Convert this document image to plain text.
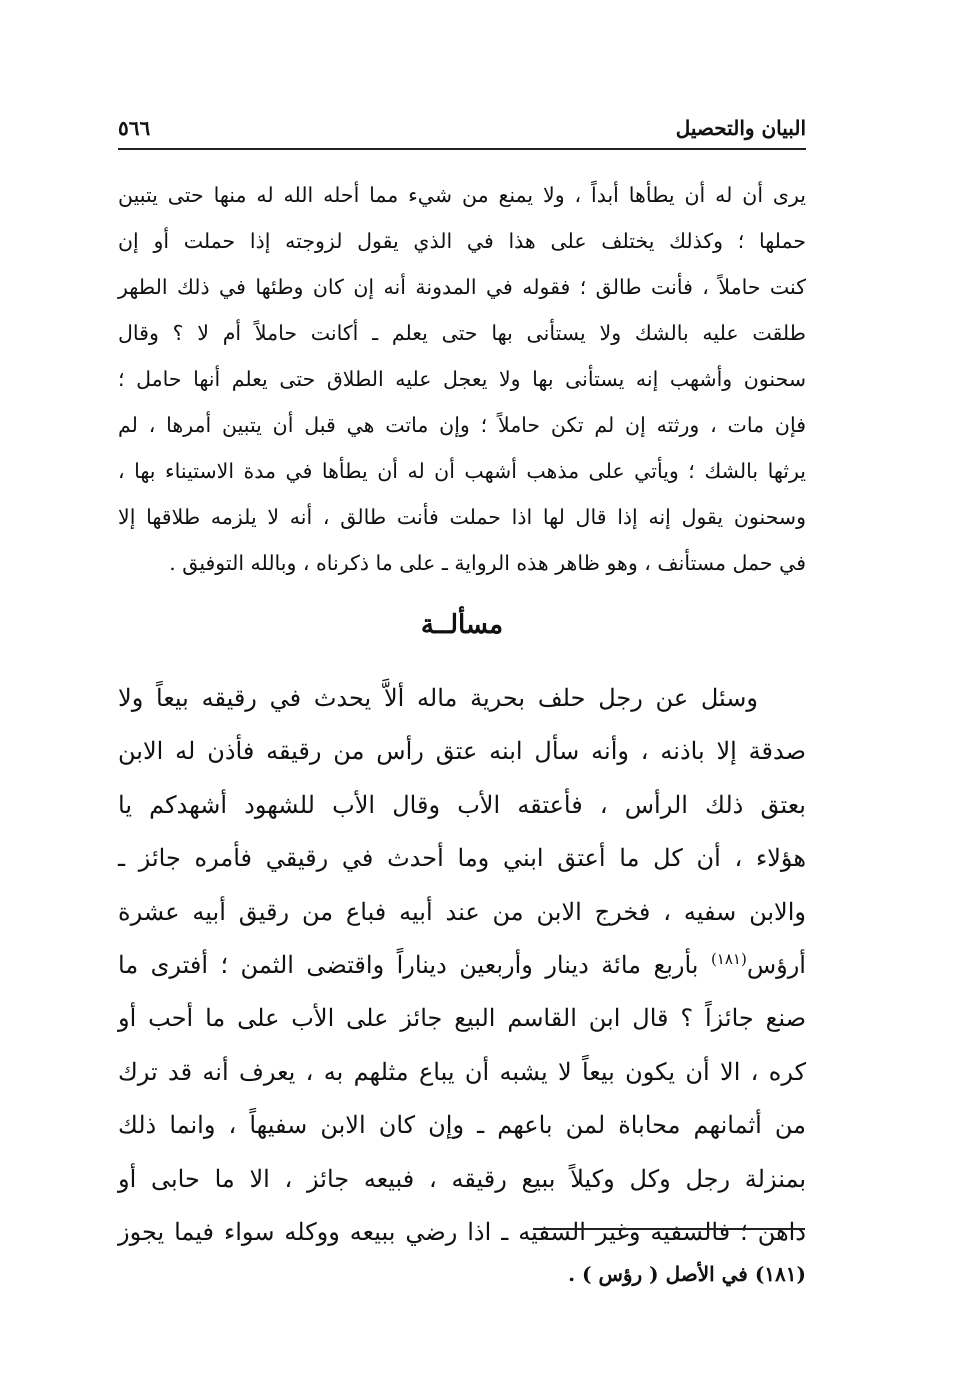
البيان والتحصيل
٥٦٦

يرى أن له أن يطأها أبداً ، ولا يمنع من شيء مما أحله الله له منها حتى يتبين
حملها ؛ وكذلك يختلف على هذا في الذي يقول لزوجته إذا حملت أو إن
كنت حاملاً ، فأنت طالق ؛ فقوله في المدونة أنه إن كان وطئها في ذلك الطهر
طلقت عليه بالشك ولا يستأنى بها حتى يعلم ـ أكانت حاملاً أم لا ؟ وقال
سحنون وأشهب إنه يستأنى بها ولا يعجل عليه الطلاق حتى يعلم أنها حامل ؛
فإن مات ، ورثته إن لم تكن حاملاً ؛ وإن ماتت هي قبل أن يتبين أمرها ، لم
يرثها بالشك ؛ ويأتي على مذهب أشهب أن له أن يطأها في مدة الاستيناء بها ،
وسحنون يقول إنه إذا قال لها اذا حملت فأنت طالق ، أنه لا يلزمه طلاقها إلا
في حمل مستأنف ، وهو ظاهر هذه الرواية ـ على ما ذكرناه ، وبالله التوفيق .

مسألــة

وسئل عن رجل حلف بحرية ماله ألاَّ يحدث في رقيقه بيعاً ولا
صدقة إلا باذنه ، وأنه سأل ابنه عتق رأس من رقيقه فأذن له الابن
بعتق ذلك الرأس ، فأعتقه الأب وقال الأب للشهود أشهدكم يا
هؤلاء ، أن كل ما أعتق ابني وما أحدث في رقيقي فأمره جائز ـ
والابن سفيه ، فخرج الابن من عند أبيه فباع من رقيق أبيه عشرة
أرؤس$^{(١٨١)}$ بأربع مائة دينار وأربعين ديناراً واقتضى الثمن ؛ أفترى ما
صنع جائزاً ؟ قال ابن القاسم البيع جائز على الأب على ما أحب أو
كره ، الا أن يكون بيعاً لا يشبه أن يباع مثلهم به ، يعرف أنه قد ترك
من أثمانهم محاباة لمن باعهم ـ وإن كان الابن سفيهاً ، وانما ذلك
بمنزلة رجل وكل وكيلاً ببيع رقيقه ، فبيعه جائز ، الا ما حابى أو
داهن ؛ فالسفيه وغير السفيه ـ اذا رضي ببيعه ووكله سواء فيما يجوز

(١٨١) في الأصل ( رؤس ) .
